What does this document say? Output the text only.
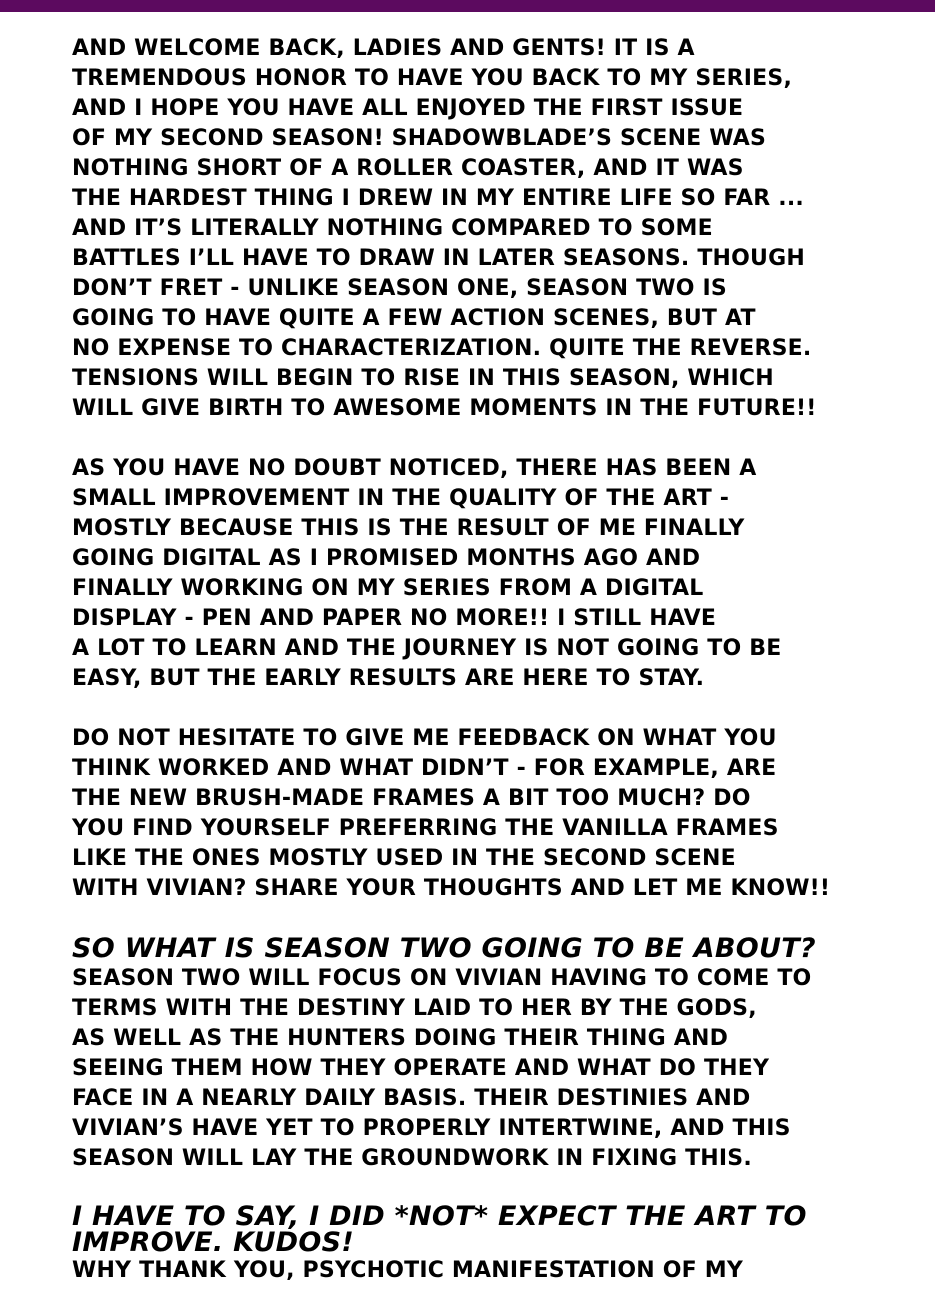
AND WELCOME BACK, LADIES AND GENTS! IT IS A
TREMENDOUS HONOR TO HAVE YOU BACK TO MY SERIES,
AND I HOPE YOU HAVE ALL ENJOYED THE FIRST ISSUE
OF MY SECOND SEASON! SHADOWBLADE’S SCENE WAS
NOTHING SHORT OF A ROLLER COASTER, AND IT WAS
THE HARDEST THING I DREW IN MY ENTIRE LIFE SO FAR ...
AND IT’S LITERALLY NOTHING COMPARED TO SOME
BATTLES I’LL HAVE TO DRAW IN LATER SEASONS. THOUGH
DON’T FRET - UNLIKE SEASON ONE, SEASON TWO IS
GOING TO HAVE QUITE A FEW ACTION SCENES, BUT AT
NO EXPENSE TO CHARACTERIZATION. QUITE THE REVERSE.
TENSIONS WILL BEGIN TO RISE IN THIS SEASON, WHICH
WILL GIVE BIRTH TO AWESOME MOMENTS IN THE FUTURE!!
AS YOU HAVE NO DOUBT NOTICED, THERE HAS BEEN A
SMALL IMPROVEMENT IN THE QUALITY OF THE ART -
MOSTLY BECAUSE THIS IS THE RESULT OF ME FINALLY
GOING DIGITAL AS I PROMISED MONTHS AGO AND
FINALLY WORKING ON MY SERIES FROM A DIGITAL
DISPLAY - PEN AND PAPER NO MORE!! I STILL HAVE
A LOT TO LEARN AND THE JOURNEY IS NOT GOING TO BE
EASY, BUT THE EARLY RESULTS ARE HERE TO STAY.
DO NOT HESITATE TO GIVE ME FEEDBACK ON WHAT YOU
THINK WORKED AND WHAT DIDN’T - FOR EXAMPLE, ARE
THE NEW BRUSH-MADE FRAMES A BIT TOO MUCH? DO
YOU FIND YOURSELF PREFERRING THE VANILLA FRAMES
LIKE THE ONES MOSTLY USED IN THE SECOND SCENE
WITH VIVIAN? SHARE YOUR THOUGHTS AND LET ME KNOW!!
SO WHAT IS SEASON TWO GOING TO BE ABOUT?
SEASON TWO WILL FOCUS ON VIVIAN HAVING TO COME TO
TERMS WITH THE DESTINY LAID TO HER BY THE GODS,
AS WELL AS THE HUNTERS DOING THEIR THING AND
SEEING THEM HOW THEY OPERATE AND WHAT DO THEY
FACE IN A NEARLY DAILY BASIS. THEIR DESTINIES AND
VIVIAN’S HAVE YET TO PROPERLY INTERTWINE, AND THIS
SEASON WILL LAY THE GROUNDWORK IN FIXING THIS.
I HAVE TO SAY, I DID *NOT* EXPECT THE ART TO
IMPROVE. KUDOS!
WHY THANK YOU, PSYCHOTIC MANIFESTATION OF MY
